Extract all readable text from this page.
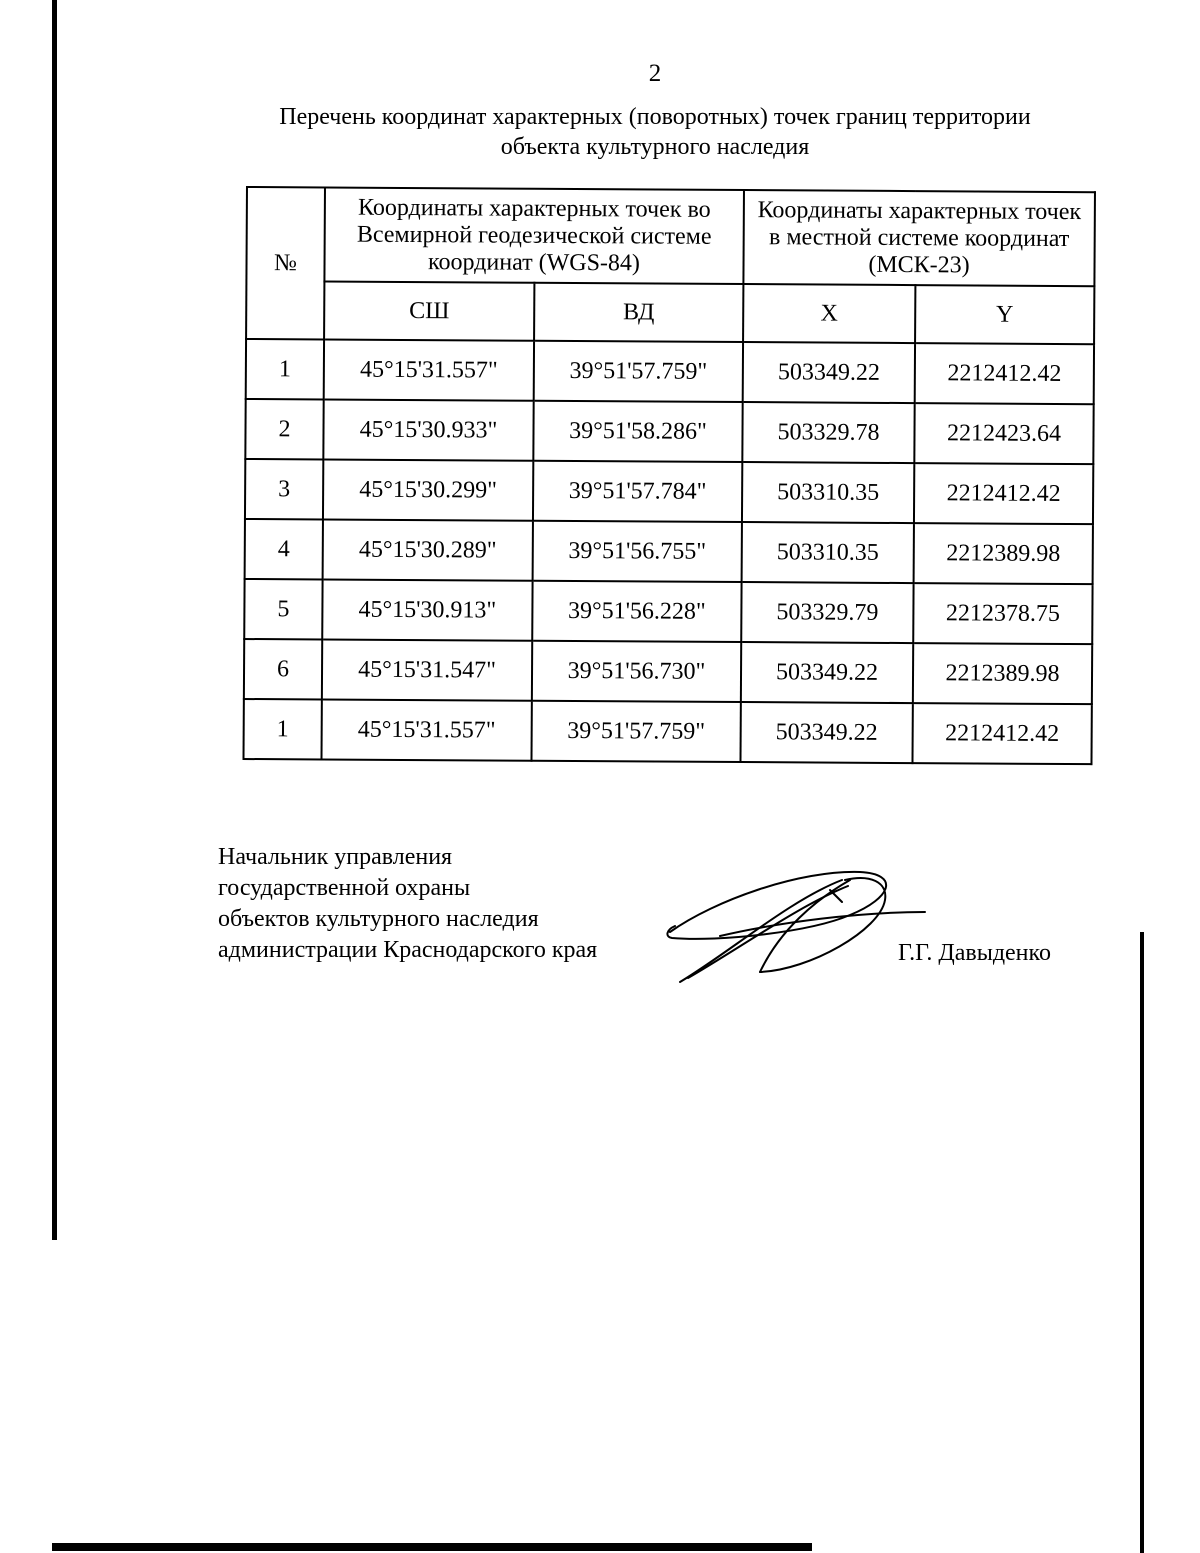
2
Перечень координат характерных (поворотных) точек границ территории
объекта культурного наследия
№	Координаты характерных точек во Всемирной геодезической системе координат (WGS-84)		Координаты характерных точек в местной системе координат (МСК-23)	
	СШ	ВД	X	Y
1	45°15'31.557"	39°51'57.759"	503349.22	2212412.42
2	45°15'30.933"	39°51'58.286"	503329.78	2212423.64
3	45°15'30.299"	39°51'57.784"	503310.35	2212412.42
4	45°15'30.289"	39°51'56.755"	503310.35	2212389.98
5	45°15'30.913"	39°51'56.228"	503329.79	2212378.75
6	45°15'31.547"	39°51'56.730"	503349.22	2212389.98
1	45°15'31.557"	39°51'57.759"	503349.22	2212412.42
Начальник управления
государственной охраны
объектов культурного наследия
администрации Краснодарского края	Г.Г. Давыденко
